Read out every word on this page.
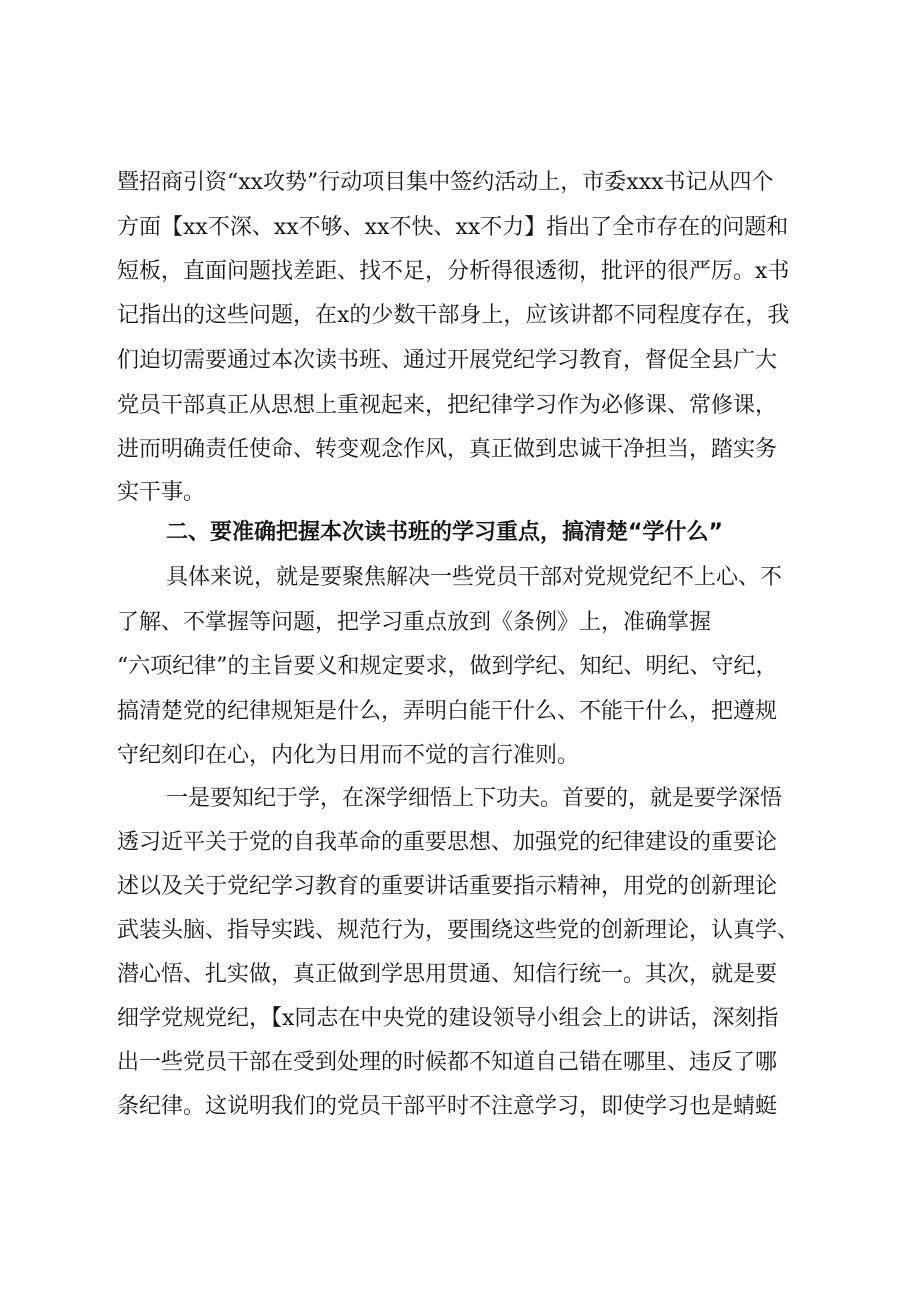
暨招商引资“xx攻势”行动项目集中签约活动上，市委xxx书记从四个
方面【xx不深、xx不够、xx不快、xx不力】指出了全市存在的问题和
短板，直面问题找差距、找不足，分析得很透彻，批评的很严厉。x书
记指出的这些问题，在x的少数干部身上，应该讲都不同程度存在，我
们迫切需要通过本次读书班、通过开展党纪学习教育，督促全县广大
党员干部真正从思想上重视起来，把纪律学习作为必修课、常修课，
进而明确责任使命、转变观念作风，真正做到忠诚干净担当，踏实务
实干事。
二、要准确把握本次读书班的学习重点，搞清楚“学什么”
具体来说，就是要聚焦解决一些党员干部对党规党纪不上心、不
了解、不掌握等问题，把学习重点放到《条例》上，准确掌握
“六项纪律”的主旨要义和规定要求，做到学纪、知纪、明纪、守纪，
搞清楚党的纪律规矩是什么，弄明白能干什么、不能干什么，把遵规
守纪刻印在心，内化为日用而不觉的言行准则。
一是要知纪于学，在深学细悟上下功夫。首要的，就是要学深悟
透习近平关于党的自我革命的重要思想、加强党的纪律建设的重要论
述以及关于党纪学习教育的重要讲话重要指示精神，用党的创新理论
武装头脑、指导实践、规范行为，要围绕这些党的创新理论，认真学、
潜心悟、扎实做，真正做到学思用贯通、知信行统一。其次，就是要
细学党规党纪，【x同志在中央党的建设领导小组会上的讲话，深刻指
出一些党员干部在受到处理的时候都不知道自己错在哪里、违反了哪
条纪律。这说明我们的党员干部平时不注意学习，即使学习也是蜻蜓
